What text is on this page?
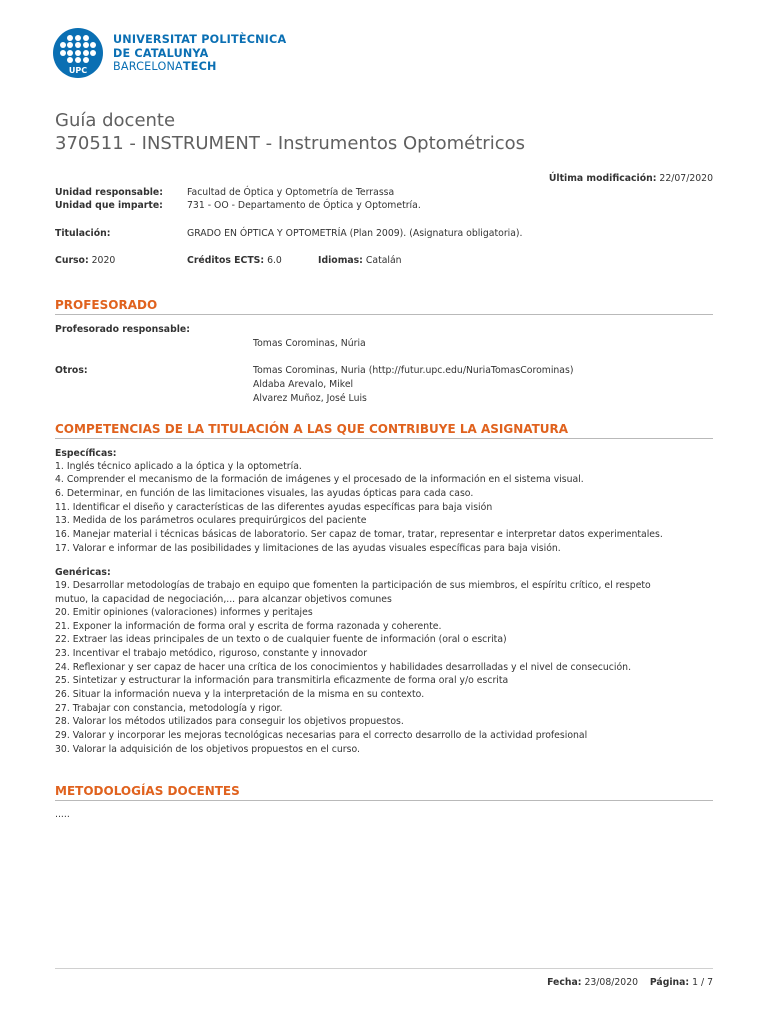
UPC
UNIVERSITAT POLITÈCNICA
DE CATALUNYA
BARCELONATECH
Guía docente
370511 - INSTRUMENT - Instrumentos Optométricos
Última modificación: 22/07/2020
Unidad responsable:	Facultad de Óptica y Optometría de Terrassa
Unidad que imparte:	731 - OO - Departamento de Óptica y Optometría.
Titulación:	GRADO EN ÓPTICA Y OPTOMETRÍA (Plan 2009). (Asignatura obligatoria).
Curso: 2020	Créditos ECTS: 6.0	Idiomas: Catalán
PROFESORADO
Profesorado responsable:
Tomas Corominas, Núria
Otros:	Tomas Corominas, Nuria (http://futur.upc.edu/NuriaTomasCorominas)
Aldaba Arevalo, Mikel
Alvarez Muñoz, José Luis
COMPETENCIAS DE LA TITULACIÓN A LAS QUE CONTRIBUYE LA ASIGNATURA
Específicas:
1. Inglés técnico aplicado a la óptica y la optometría.
4. Comprender el mecanismo de la formación de imágenes y el procesado de la información en el sistema visual.
6. Determinar, en función de las limitaciones visuales, las ayudas ópticas para cada caso.
11. Identificar el diseño y características de las diferentes ayudas específicas para baja visión
13. Medida de los parámetros oculares prequirúrgicos del paciente
16. Manejar material i técnicas básicas de laboratorio. Ser capaz de tomar, tratar, representar e interpretar datos experimentales.
17. Valorar e informar de las posibilidades y limitaciones de las ayudas visuales específicas para baja visión.
Genéricas:
19. Desarrollar metodologías de trabajo en equipo que fomenten la participación de sus miembros, el espíritu crítico, el respeto
mutuo, la capacidad de negociación,... para alcanzar objetivos comunes
20. Emitir opiniones (valoraciones) informes y peritajes
21. Exponer la información de forma oral y escrita de forma razonada y coherente.
22. Extraer las ideas principales de un texto o de cualquier fuente de información (oral o escrita)
23. Incentivar el trabajo metódico, riguroso, constante y innovador
24. Reflexionar y ser capaz de hacer una crítica de los conocimientos y habilidades desarrolladas y el nivel de consecución.
25. Sintetizar y estructurar la información para transmitirla eficazmente de forma oral y/o escrita
26. Situar la información nueva y la interpretación de la misma en su contexto.
27. Trabajar con constancia, metodología y rigor.
28. Valorar los métodos utilizados para conseguir los objetivos propuestos.
29. Valorar y incorporar les mejoras tecnológicas necesarias para el correcto desarrollo de la actividad profesional
30. Valorar la adquisición de los objetivos propuestos en el curso.
METODOLOGÍAS DOCENTES
.....
Fecha: 23/08/2020 Página: 1 / 7
